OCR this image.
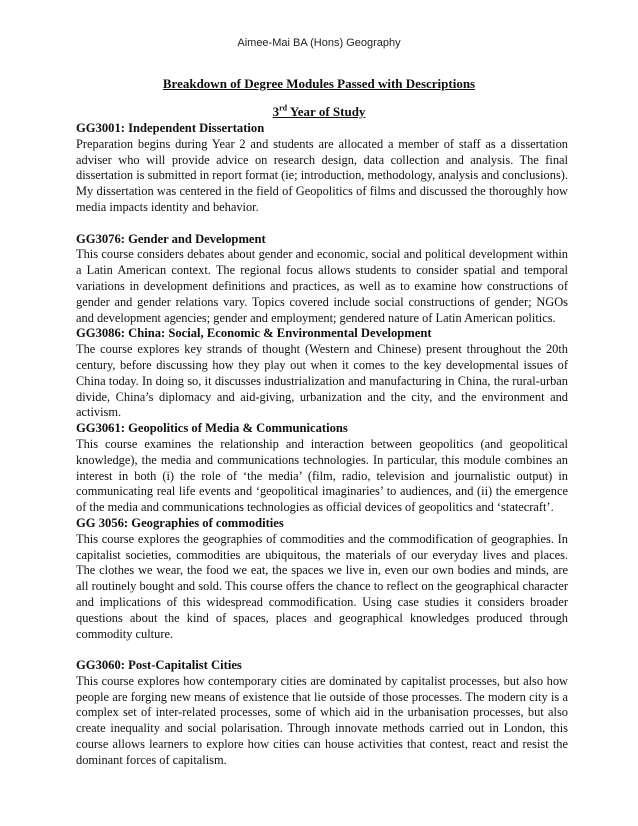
Aimee-Mai BA (Hons) Geography
Breakdown of Degree Modules Passed with Descriptions
3rd Year of Study
GG3001: Independent Dissertation
Preparation begins during Year 2 and students are allocated a member of staff as a dissertation adviser who will provide advice on research design, data collection and analysis. The final dissertation is submitted in report format (ie; introduction, methodology, analysis and conclusions). My dissertation was centered in the field of Geopolitics of films and discussed the thoroughly how media impacts identity and behavior.
GG3076: Gender and Development
This course considers debates about gender and economic, social and political development within a Latin American context. The regional focus allows students to consider spatial and temporal variations in development definitions and practices, as well as to examine how constructions of gender and gender relations vary. Topics covered include social constructions of gender; NGOs and development agencies; gender and employment; gendered nature of Latin American politics.
GG3086: China: Social, Economic & Environmental Development
The course explores key strands of thought (Western and Chinese) present throughout the 20th century, before discussing how they play out when it comes to the key developmental issues of China today. In doing so, it discusses industrialization and manufacturing in China, the rural-urban divide, China’s diplomacy and aid-giving, urbanization and the city, and the environment and activism.
GG3061: Geopolitics of Media & Communications
This course examines the relationship and interaction between geopolitics (and geopolitical knowledge), the media and communications technologies. In particular, this module combines an interest in both (i) the role of ‘the media’ (film, radio, television and journalistic output) in communicating real life events and ‘geopolitical imaginaries’ to audiences, and (ii) the emergence of the media and communications technologies as official devices of geopolitics and ‘statecraft’.
GG 3056: Geographies of commodities
This course explores the geographies of commodities and the commodification of geographies. In capitalist societies, commodities are ubiquitous, the materials of our everyday lives and places. The clothes we wear, the food we eat, the spaces we live in, even our own bodies and minds, are all routinely bought and sold. This course offers the chance to reflect on the geographical character and implications of this widespread commodification. Using case studies it considers broader questions about the kind of spaces, places and geographical knowledges produced through commodity culture.
GG3060: Post-Capitalist Cities
This course explores how contemporary cities are dominated by capitalist processes, but also how people are forging new means of existence that lie outside of those processes. The modern city is a complex set of inter-related processes, some of which aid in the urbanisation processes, but also create inequality and social polarisation. Through innovate methods carried out in London, this course allows learners to explore how cities can house activities that contest, react and resist the dominant forces of capitalism.
